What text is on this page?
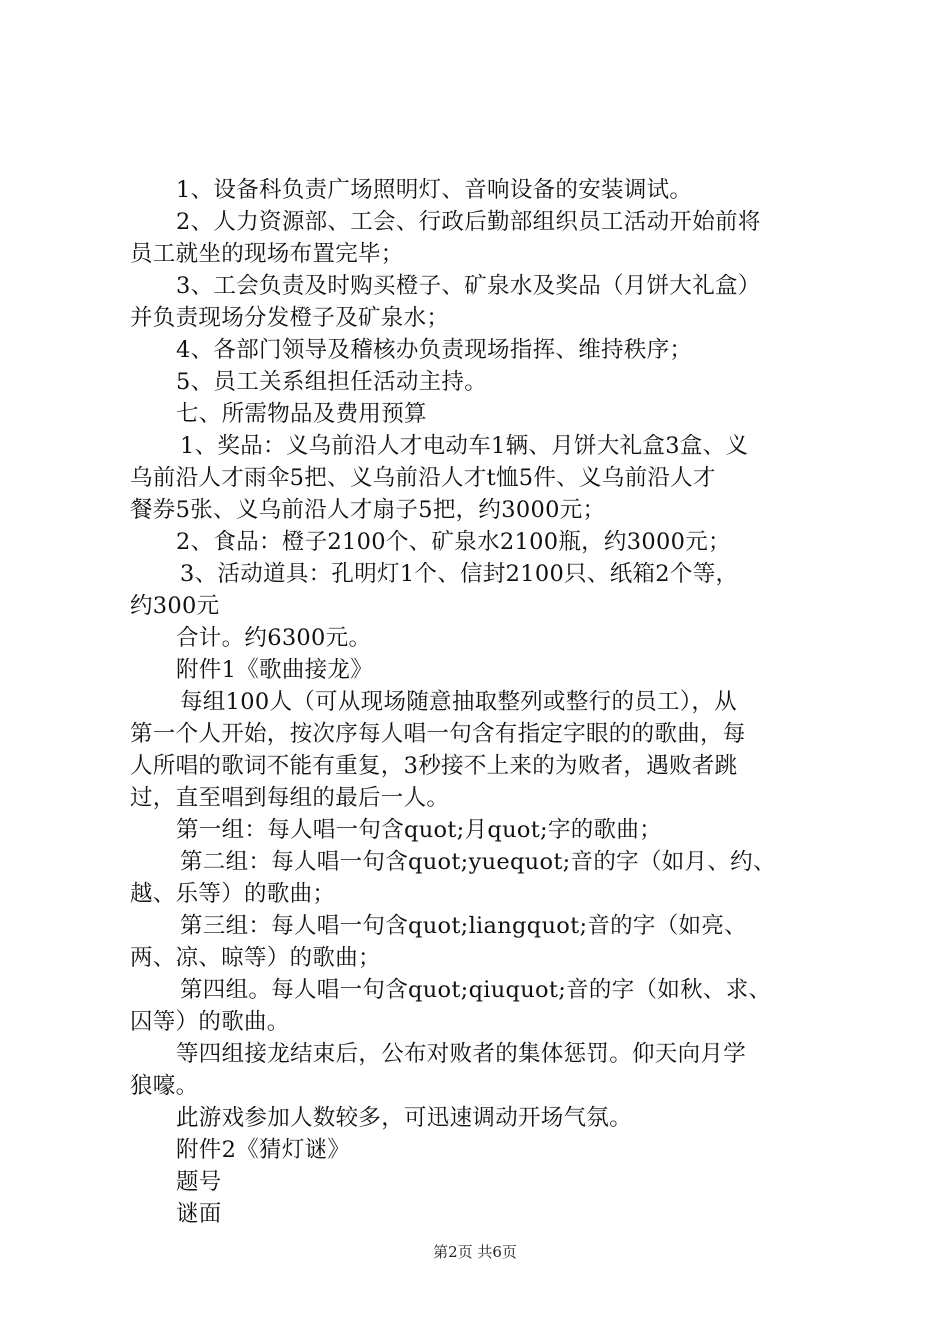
1、设备科负责广场照明灯、音响设备的安装调试。
2、人力资源部、工会、行政后勤部组织员工活动开始前将
员工就坐的现场布置完毕；
3、工会负责及时购买橙子、矿泉水及奖品（月饼大礼盒）
并负责现场分发橙子及矿泉水；
4、各部门领导及稽核办负责现场指挥、维持秩序；
5、员工关系组担任活动主持。
七、所需物品及费用预算
1、奖品：义乌前沿人才电动车1辆、月饼大礼盒3盒、义
乌前沿人才雨伞5把、义乌前沿人才t恤5件、义乌前沿人才
餐券5张、义乌前沿人才扇子5把，约3000元；
2、食品：橙子2100个、矿泉水2100瓶，约3000元；
3、活动道具：孔明灯1个、信封2100只、纸箱2个等，
约300元
合计。约6300元。
附件1《歌曲接龙》
每组100人（可从现场随意抽取整列或整行的员工），从
第一个人开始，按次序每人唱一句含有指定字眼的的歌曲，每
人所唱的歌词不能有重复，3秒接不上来的为败者，遇败者跳
过，直至唱到每组的最后一人。
第一组：每人唱一句含quot;月quot;字的歌曲；
第二组：每人唱一句含quot;yuequot;音的字（如月、约、
越、乐等）的歌曲；
第三组：每人唱一句含quot;liangquot;音的字（如亮、
两、凉、晾等）的歌曲；
第四组。每人唱一句含quot;qiuquot;音的字（如秋、求、
囚等）的歌曲。
等四组接龙结束后，公布对败者的集体惩罚。仰天向月学
狼嚎。
此游戏参加人数较多，可迅速调动开场气氛。
附件2《猜灯谜》
题号
谜面
第2页 共6页
